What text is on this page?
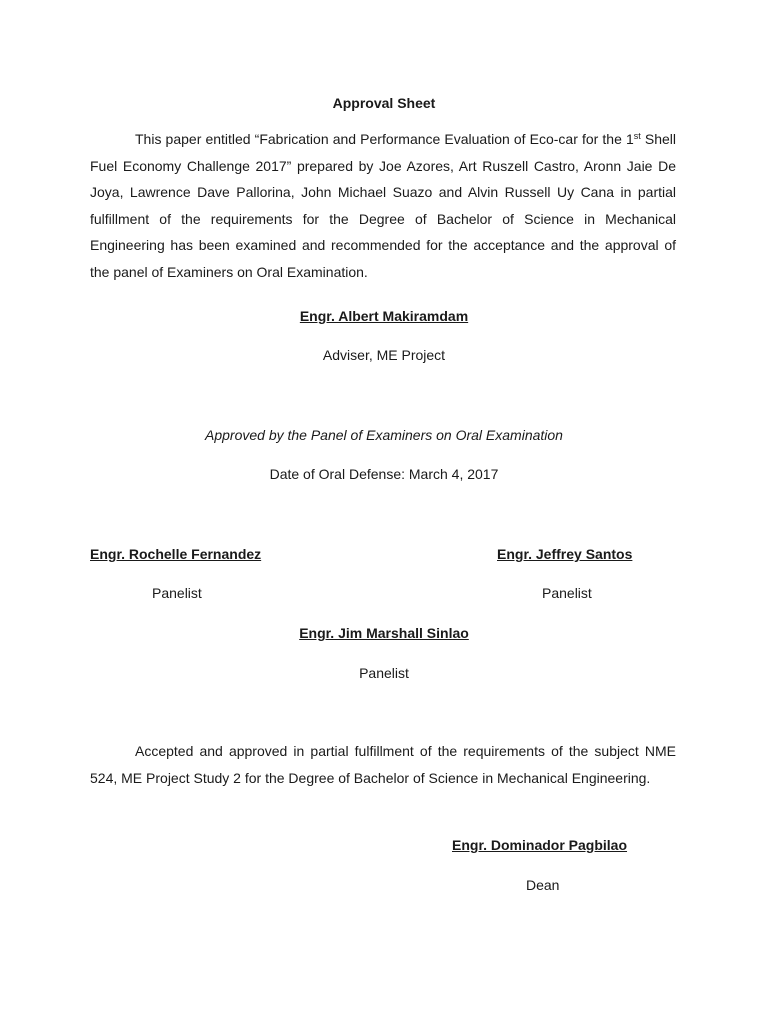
Approval Sheet
This paper entitled “Fabrication and Performance Evaluation of Eco-car for the 1st Shell Fuel Economy Challenge 2017” prepared by Joe Azores, Art Ruszell Castro, Aronn Jaie De Joya, Lawrence Dave Pallorina, John Michael Suazo and Alvin Russell Uy Cana in partial fulfillment of the requirements for the Degree of Bachelor of Science in Mechanical Engineering has been examined and recommended for the acceptance and the approval of the panel of Examiners on Oral Examination.
Engr. Albert Makiramdam
Adviser, ME Project
Approved by the Panel of Examiners on Oral Examination
Date of Oral Defense: March 4, 2017
Engr. Rochelle Fernandez
Panelist
Engr. Jeffrey Santos
Panelist
Engr. Jim Marshall Sinlao
Panelist
Accepted and approved in partial fulfillment of the requirements of the subject NME 524, ME Project Study 2 for the Degree of Bachelor of Science in Mechanical Engineering.
Engr. Dominador Pagbilao
Dean
